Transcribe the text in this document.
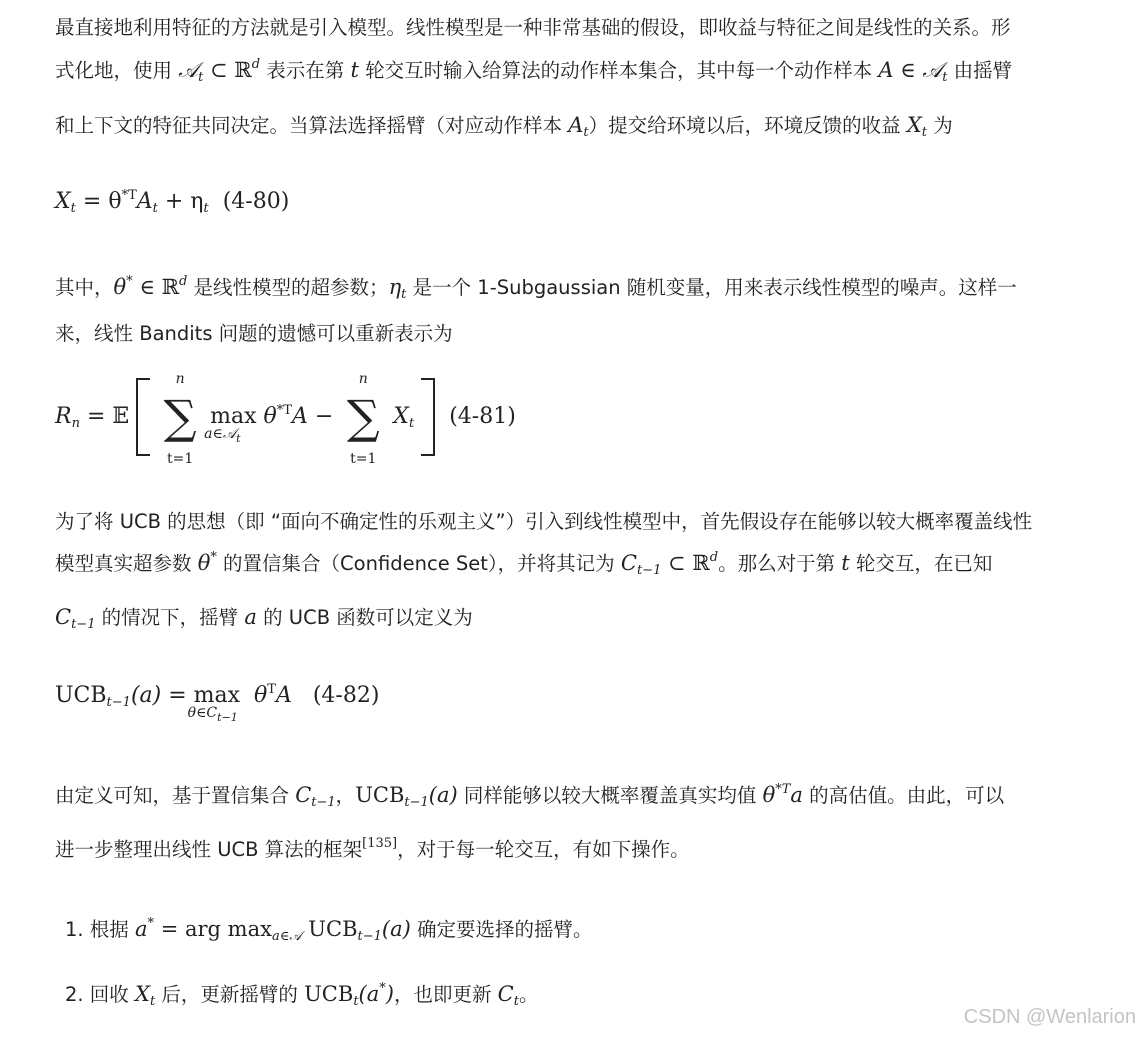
最直接地利用特征的方法就是引入模型。线性模型是一种非常基础的假设，即收益与特征之间是线性的关系。形
式化地，使用 𝒜$_t$ ⊂ ℝ$^d$ 表示在第 t 轮交互时输入给算法的动作样本集合，其中每一个动作样本 A ∈ 𝒜$_t$ 由摇臂
和上下文的特征共同决定。当算法选择摇臂（对应动作样本 $A_t$）提交给环境以后，环境反馈的收益 $X_t$ 为
$X_t = \theta^{*T}A_t + \eta_t$ (4-80)
其中，θ* ∈ ℝ$^d$ 是线性模型的超参数；$\eta_t$ 是一个 1-Subgaussian 随机变量，用来表示线性模型的噪声。这样一
来，线性 Bandits 问题的遗憾可以重新表示为
$R_n$ = 𝔼
n
∑
t=1
max
a∈𝒜$_t$
$\theta^{*T}A$ −
n
∑
t=1
$X_t$ (4-81)
为了将 UCB 的思想（即 “面向不确定性的乐观主义”）引入到线性模型中，首先假设存在能够以较大概率覆盖线性
模型真实超参数 θ* 的置信集合（Confidence Set），并将其记为 $C_{t-1}$ ⊂ ℝ$^d$。那么对于第 t 轮交互，在已知
$C_{t-1}$ 的情况下，摇臂 a 的 UCB 函数可以定义为
$UCB_{t-1}(a) = \max$
$\theta\in C_{t-1}$
$\theta^TA$ (4-82)
由定义可知，基于置信集合 $C_{t-1}$，$UCB_{t-1}(a)$ 同样能够以较大概率覆盖真实均值 $\theta^{*T}a$ 的高估值。由此，可以
进一步整理出线性 UCB 算法的框架[135]，对于每一轮交互，有如下操作。
1. 根据 a* = arg $\max_{a\in 𝒜} UCB_{t-1}(a)$ 确定要选择的摇臂。
2. 回收 $X_t$ 后，更新摇臂的 $UCB_t(a^*)$，也即更新 $C_t$。
CSDN @Wenlarion
